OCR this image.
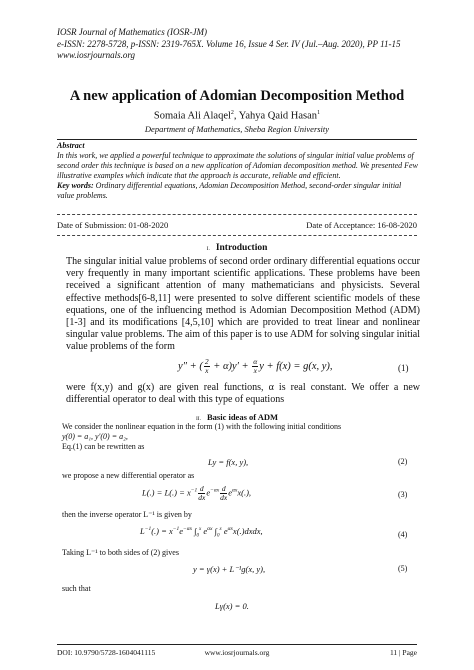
IOSR Journal of Mathematics (IOSR-JM)
e-ISSN: 2278-5728, p-ISSN: 2319-765X. Volume 16, Issue 4 Ser. IV (Jul.–Aug. 2020), PP 11-15
www.iosrjournals.org
A new application of Adomian Decomposition Method
Somaia Ali Alaqel$^2$, Yahya Qaid Hasan$^1$
Department of Mathematics, Sheba Region University

Abstract

In this work, we applied a powerful technique to approximate the solutions of singular initial value problems of second order this technique is based on a new application of Adomian decomposition method. We presented Few illustrative examples which indicate that the approach is accurate, reliable and efficient.

Key words: Ordinary differential equations, Adomian Decomposition Method, second-order singular initial value problems.

Date of Submission: 01-08-2020	Date of Acceptance: 16-08-2020
I. Introduction

The singular initial value problems of second order ordinary differential equations occur very frequently in many important scientific applications. These problems have been received a significant attention of many mathematicians and physicists. Several effective methods[6-8,11] were presented to solve different scientific models of these equations, one of the influencing method is Adomian Decomposition Method (ADM) [1-3] and its modifications [4,5,10] which are provided to treat linear and nonlinear singular value problems. The aim of this paper is to use ADM for solving singular initial value problems of the form

y″ + ( $\frac{2}{x} + \alpha)y' + \frac{\alpha}{x}$ y + f(x) = g(x, y),	(1)

were f(x,y) and g(x) are given real functions, α is real constant. We offer a new differential operator to deal with this type of equations

II. Basic ideas of ADM

We consider the nonlinear equation in the form (1) with the following initial conditions

y(0) = a₁, y′(0) = a₂,

Eq.(1) can be rewritten as

Ly = f(x, y),	(2)
we propose a new differential operator as
$L(.) = L(.) = x^{-1} \frac{d}{dx} e^{-\alpha x} \frac{d}{dx} e^{\alpha x}x(.)$,	(3)
then the inverse operator L⁻¹ is given by
$L^{-1}(.) = x^{-1}e^{-\alpha x}$ $\int_0^x$ $e^{\alpha x}$ $\int_0^x$ $e^{\alpha x}x(.)dxdx$,	(4)
Taking L⁻¹ to both sides of (2) gives
y = γ(x) + L⁻¹g(x, y),	(5)
such that
Lγ(x) = 0.
DOI: 10.9790/5728-1604041115	www.iosrjournals.org	11 | Page
